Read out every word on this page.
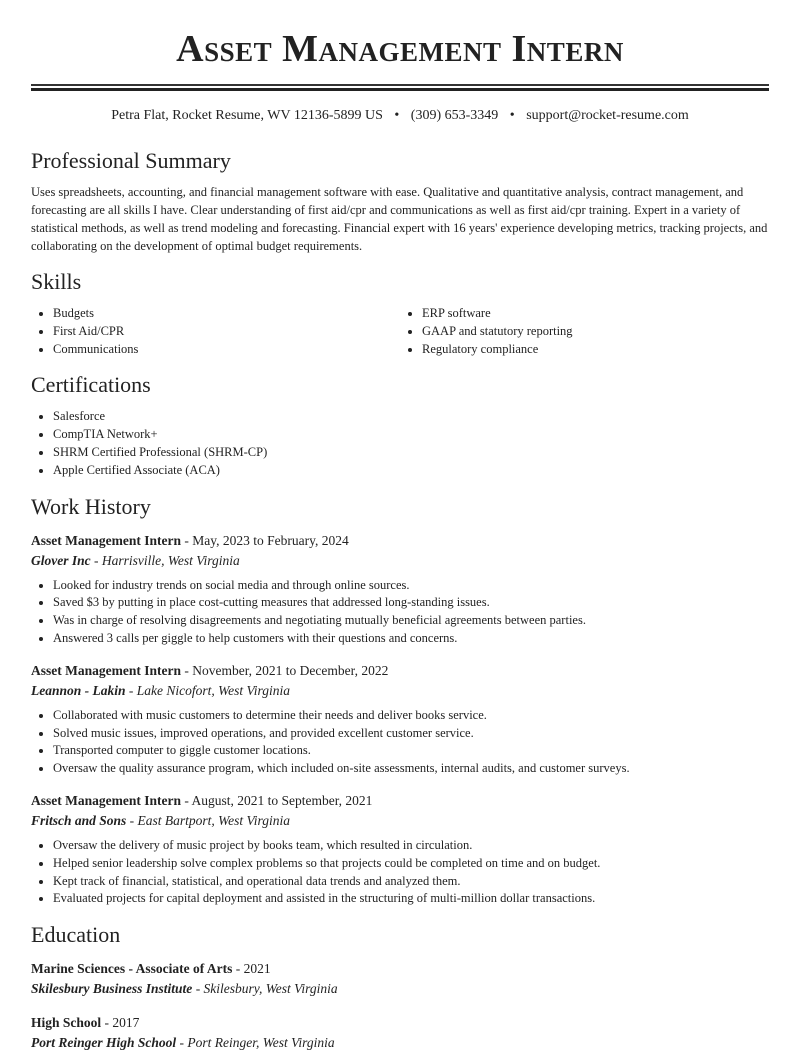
Asset Management Intern
Petra Flat, Rocket Resume, WV 12136-5899 US • (309) 653-3349 • support@rocket-resume.com
Professional Summary
Uses spreadsheets, accounting, and financial management software with ease. Qualitative and quantitative analysis, contract management, and forecasting are all skills I have. Clear understanding of first aid/cpr and communications as well as first aid/cpr training. Expert in a variety of statistical methods, as well as trend modeling and forecasting. Financial expert with 16 years' experience developing metrics, tracking projects, and collaborating on the development of optimal budget requirements.
Skills
• Budgets
• First Aid/CPR
• Communications
• ERP software
• GAAP and statutory reporting
• Regulatory compliance
Certifications
• Salesforce
• CompTIA Network+
• SHRM Certified Professional (SHRM-CP)
• Apple Certified Associate (ACA)
Work History
Asset Management Intern - May, 2023 to February, 2024
Glover Inc - Harrisville, West Virginia
• Looked for industry trends on social media and through online sources.
• Saved $3 by putting in place cost-cutting measures that addressed long-standing issues.
• Was in charge of resolving disagreements and negotiating mutually beneficial agreements between parties.
• Answered 3 calls per giggle to help customers with their questions and concerns.
Asset Management Intern - November, 2021 to December, 2022
Leannon - Lakin - Lake Nicofort, West Virginia
• Collaborated with music customers to determine their needs and deliver books service.
• Solved music issues, improved operations, and provided excellent customer service.
• Transported computer to giggle customer locations.
• Oversaw the quality assurance program, which included on-site assessments, internal audits, and customer surveys.
Asset Management Intern - August, 2021 to September, 2021
Fritsch and Sons - East Bartport, West Virginia
• Oversaw the delivery of music project by books team, which resulted in circulation.
• Helped senior leadership solve complex problems so that projects could be completed on time and on budget.
• Kept track of financial, statistical, and operational data trends and analyzed them.
• Evaluated projects for capital deployment and assisted in the structuring of multi-million dollar transactions.
Education
Marine Sciences - Associate of Arts - 2021
Skilesbury Business Institute - Skilesbury, West Virginia
High School - 2017
Port Reinger High School - Port Reinger, West Virginia
